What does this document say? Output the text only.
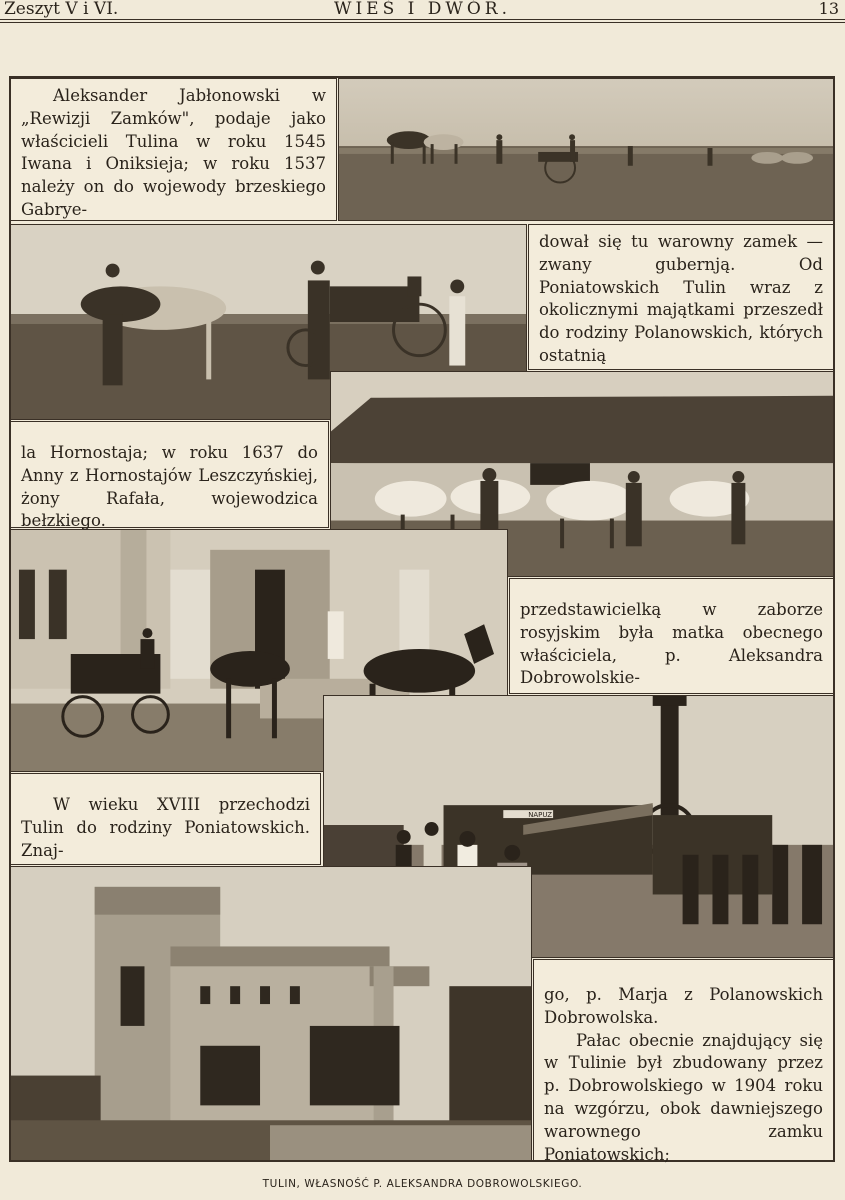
Zeszyt V i VI.	WIEŚ I DWÓR.	13
NAPUZ

Aleksander Jabłonowski w „Rewizji Zamków", podaje jako właścicieli Tulina w roku 1545 Iwana i Oniksieja; w roku 1537 należy on do wojewody brzeskiego Gabrye-

dował się tu warowny zamek — zwany gubernją. Od Poniatowskich Tulin wraz z okolicznymi majątkami przeszedł do rodziny Polanowskich, których ostatnią

la Hornostaja; w roku 1637 do Anny z Hornostajów Leszczyńskiej, żony Rafała, wojewodzica bełzkiego.

przedstawicielką w zaborze rosyjskim była matka obecnego właściciela, p. Aleksandra Dobrowolskie-

W wieku XVIII przechodzi Tulin do rodziny Poniatowskich. Znaj-

go, p. Marja z Polanowskich Dobrowolska.

Pałac obecnie znajdujący się w Tulinie był zbudowany przez p. Dobrowolskiego w 1904 roku na wzgórzu, obok dawniejszego warownego zamku Poniatowskich;

TULIN, WŁASNOŚĆ P. ALEKSANDRA DOBROWOLSKIEGO.
